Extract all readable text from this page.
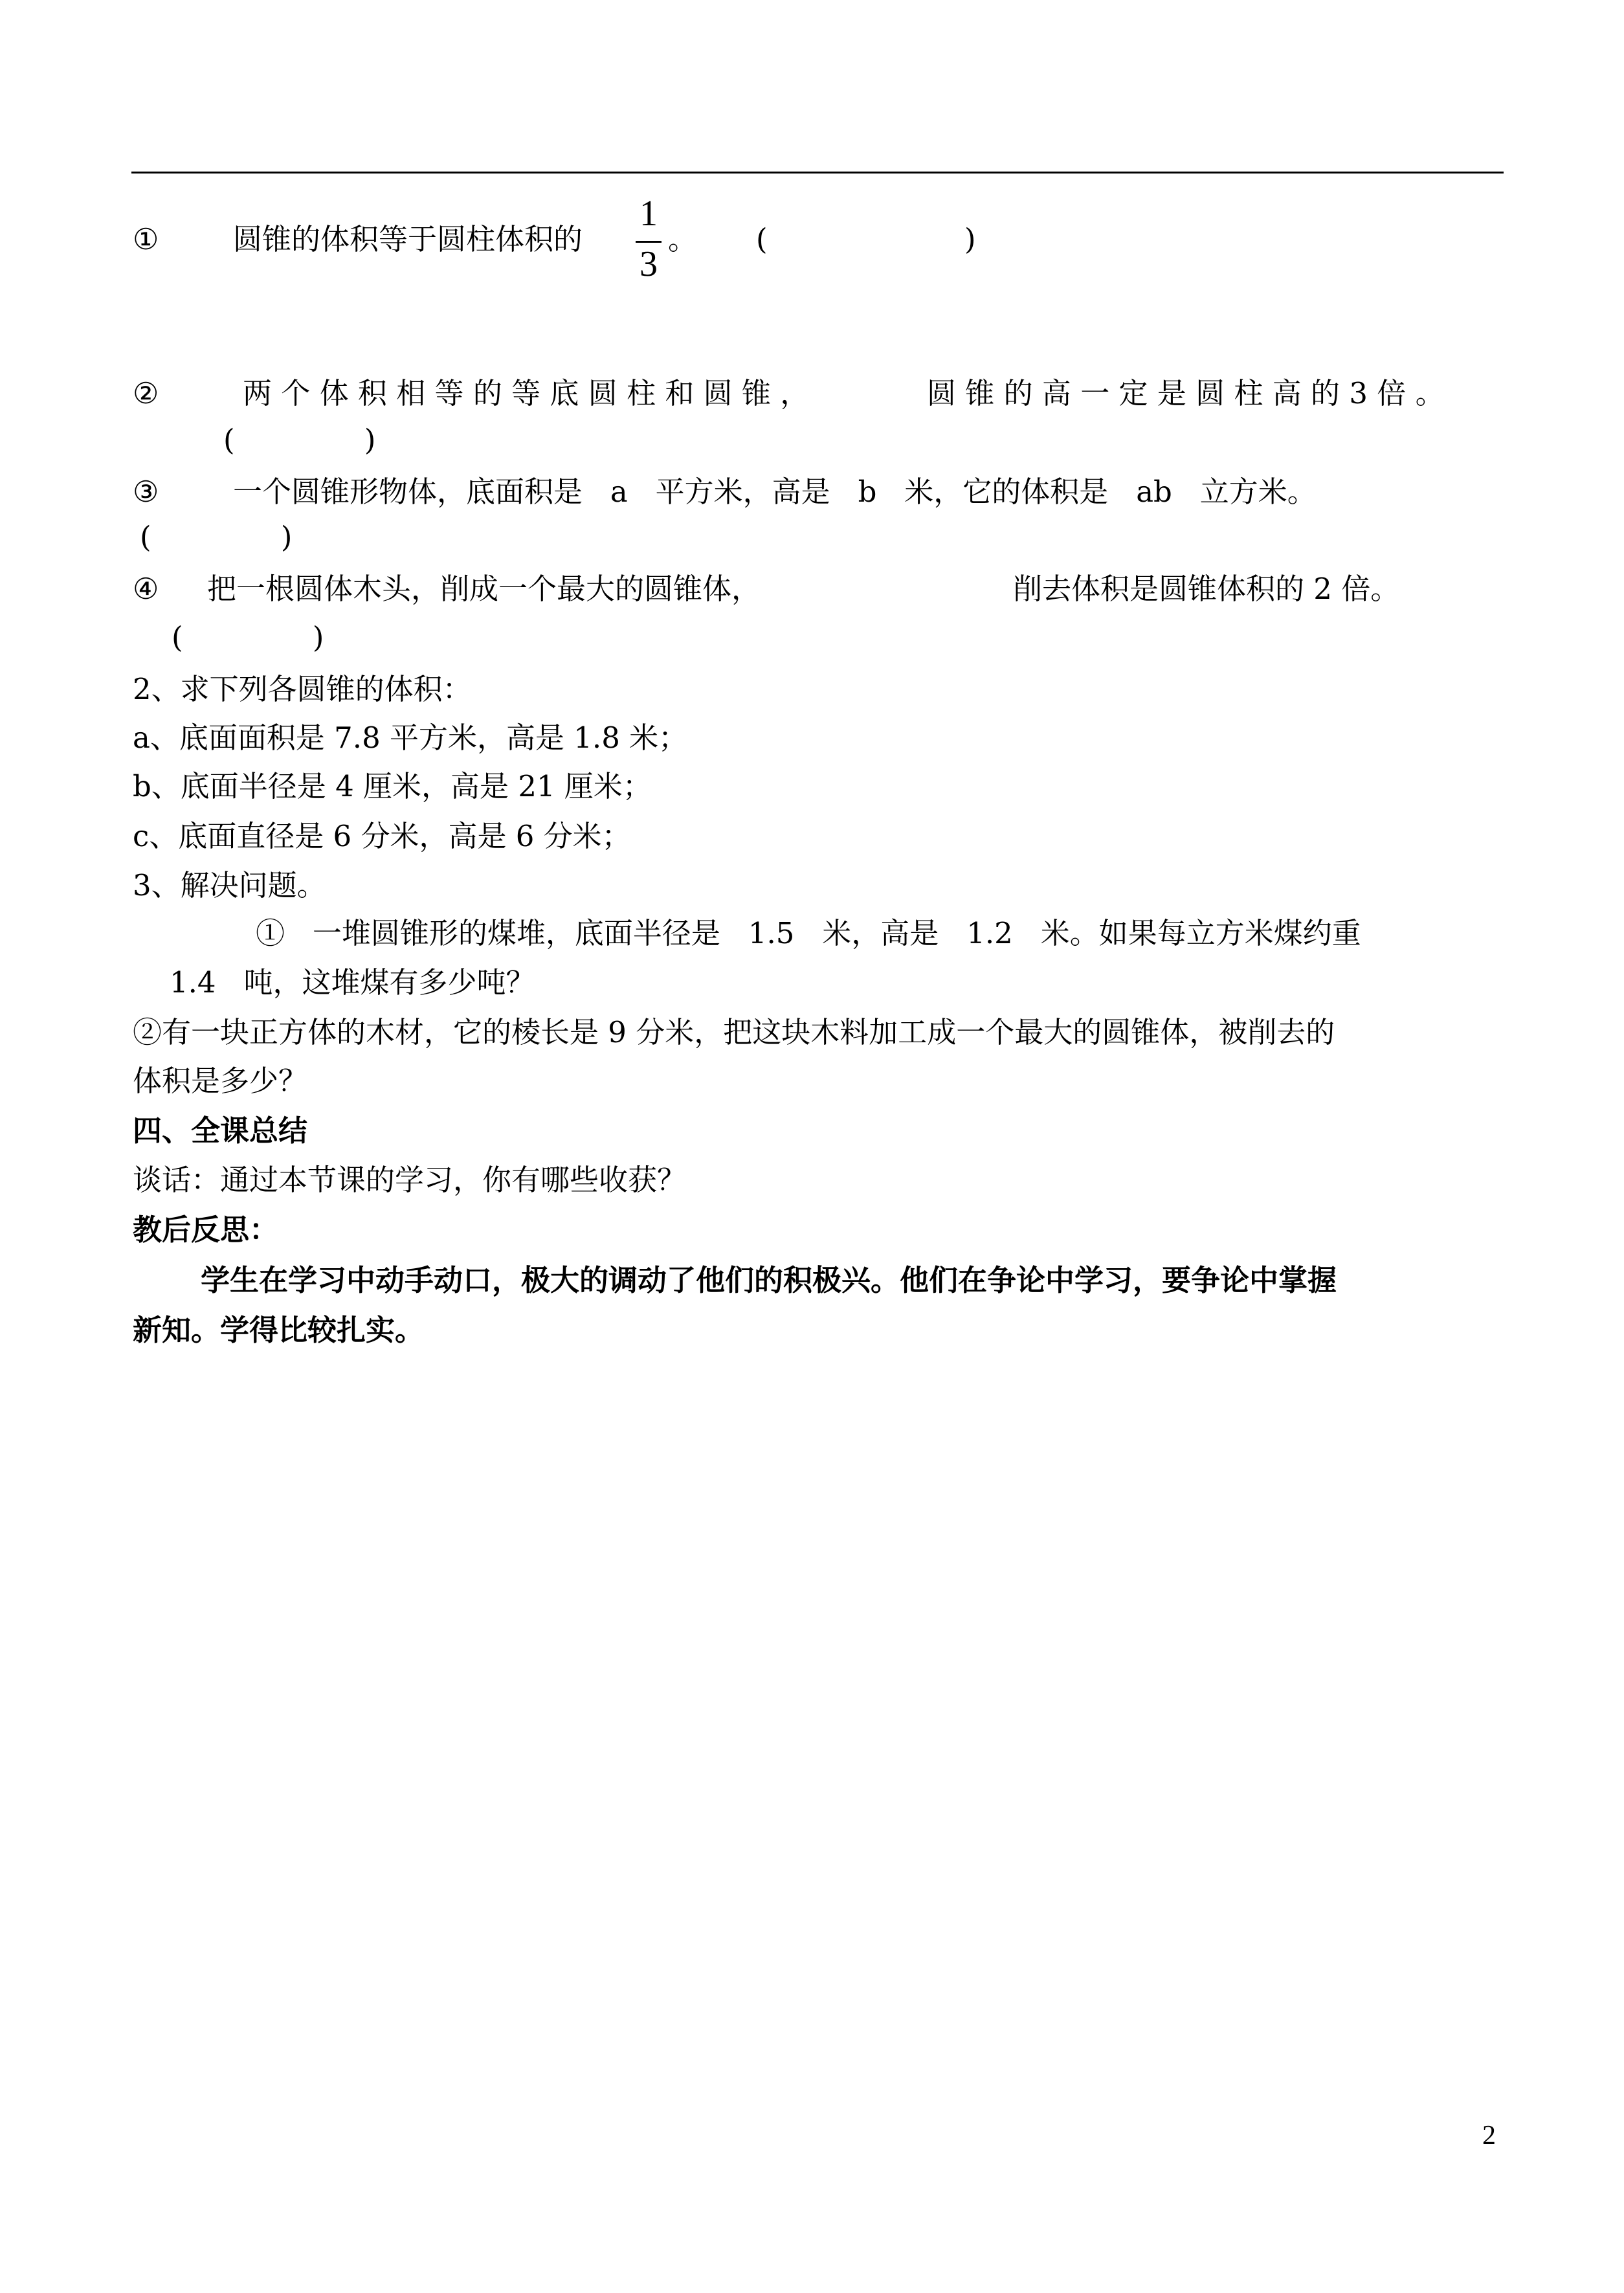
①	圆锥的体积等于圆柱体积的
1
3
。 (	)
②	两 个 体 积 相 等 的 等 底 圆 柱 和 圆 锥 ，	圆 锥 的 高 一 定 是 圆 柱 高 的 3 倍 。
(              )
③	一个圆锥形物体，底面积是   a   平方米，高是   b   米，它的体积是   ab   立方米。
(              )
④ 把一根圆体木头，削成一个最大的圆锥体，	削去体积是圆锥体积的 2 倍。
(              )
2、求下列各圆锥的体积：
a、底面面积是 7.8 平方米，高是 1.8 米；
b、底面半径是 4 厘米，高是 21 厘米；
c、底面直径是 6 分米，高是 6 分米；
3、解决问题。
①   一堆圆锥形的煤堆，底面半径是   1.5   米，高是   1.2   米。如果每立方米煤约重
1.4   吨，这堆煤有多少吨？
②有一块正方体的木材，它的棱长是 9 分米，把这块木料加工成一个最大的圆锥体，被削去的
体积是多少？
四、全课总结
谈话：通过本节课的学习，你有哪些收获？
教后反思：
学生在学习中动手动口，极大的调动了他们的积极兴。他们在争论中学习，要争论中掌握
新知。学得比较扎实。
2
